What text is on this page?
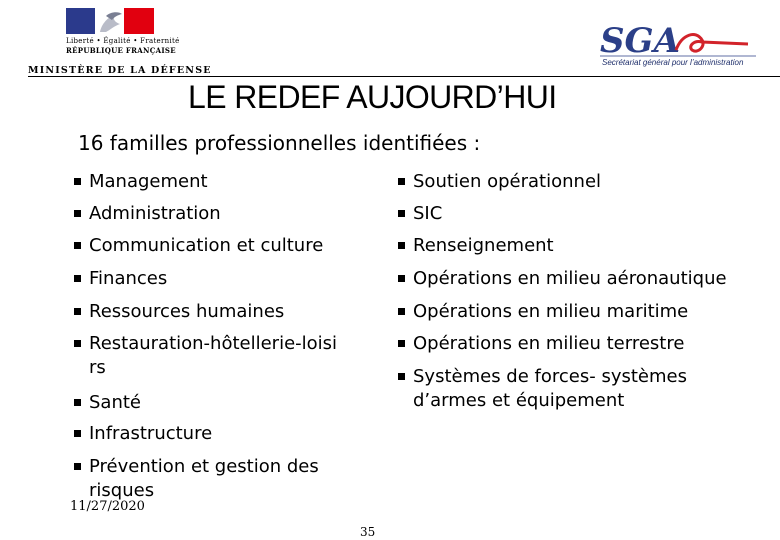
Liberté • Égalité • Fraternité
RÉPUBLIQUE FRANÇAISE
MINISTÈRE DE LA DÉFENSE
SGA
Secrétariat général pour l’administration
LE REDEF AUJOURD’HUI
16 familles professionnelles identifiées :
Management
Administration
Communication et culture
Finances
Ressources humaines
Restauration-hôtellerie-loisirs
Santé
Infrastructure
Prévention et gestion des risques
Soutien opérationnel
SIC
Renseignement
Opérations en milieu aéronautique
Opérations en milieu maritime
Opérations en milieu terrestre
Systèmes de forces- systèmes d’armes et équipement
11/27/2020
35
